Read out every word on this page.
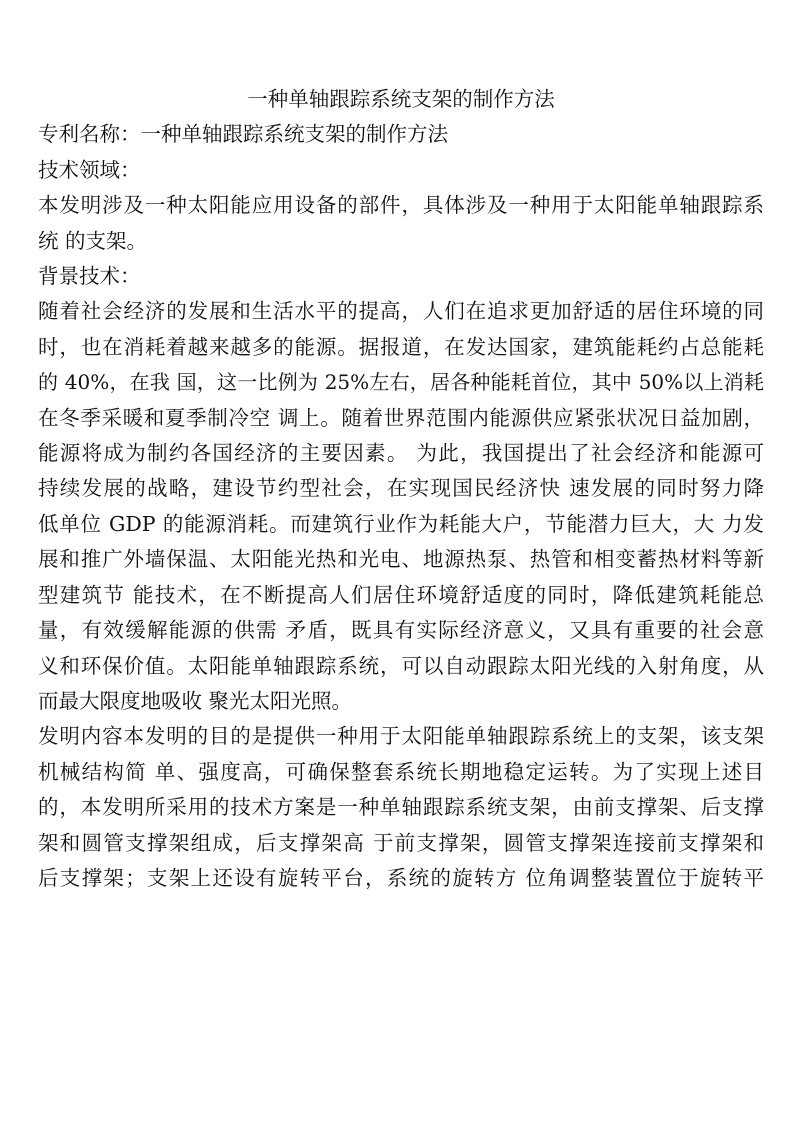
一种单轴跟踪系统支架的制作方法
专利名称：一种单轴跟踪系统支架的制作方法
技术领域：
本发明涉及一种太阳能应用设备的部件，具体涉及一种用于太阳能单轴跟踪系
统 的支架。
背景技术：
随着社会经济的发展和生活水平的提高，人们在追求更加舒适的居住环境的同
时，也在消耗着越来越多的能源。据报道，在发达国家，建筑能耗约占总能耗
的 40%，在我 国，这一比例为 25%左右，居各种能耗首位，其中 50%以上消耗
在冬季采暖和夏季制冷空 调上。随着世界范围内能源供应紧张状况日益加剧，
能源将成为制约各国经济的主要因素。 为此，我国提出了社会经济和能源可
持续发展的战略，建设节约型社会，在实现国民经济快 速发展的同时努力降
低单位 GDP 的能源消耗。而建筑行业作为耗能大户，节能潜力巨大，大 力发
展和推广外墙保温、太阳能光热和光电、地源热泵、热管和相变蓄热材料等新
型建筑节 能技术，在不断提高人们居住环境舒适度的同时，降低建筑耗能总
量，有效缓解能源的供需 矛盾，既具有实际经济意义，又具有重要的社会意
义和环保价值。太阳能单轴跟踪系统，可以自动跟踪太阳光线的入射角度，从
而最大限度地吸收 聚光太阳光照。
发明内容本发明的目的是提供一种用于太阳能单轴跟踪系统上的支架，该支架
机械结构简 单、强度高，可确保整套系统长期地稳定运转。为了实现上述目
的，本发明所采用的技术方案是一种单轴跟踪系统支架，由前支撑架、后支撑
架和圆管支撑架组成，后支撑架高 于前支撑架，圆管支撑架连接前支撑架和
后支撑架；支架上还设有旋转平台，系统的旋转方 位角调整装置位于旋转平
